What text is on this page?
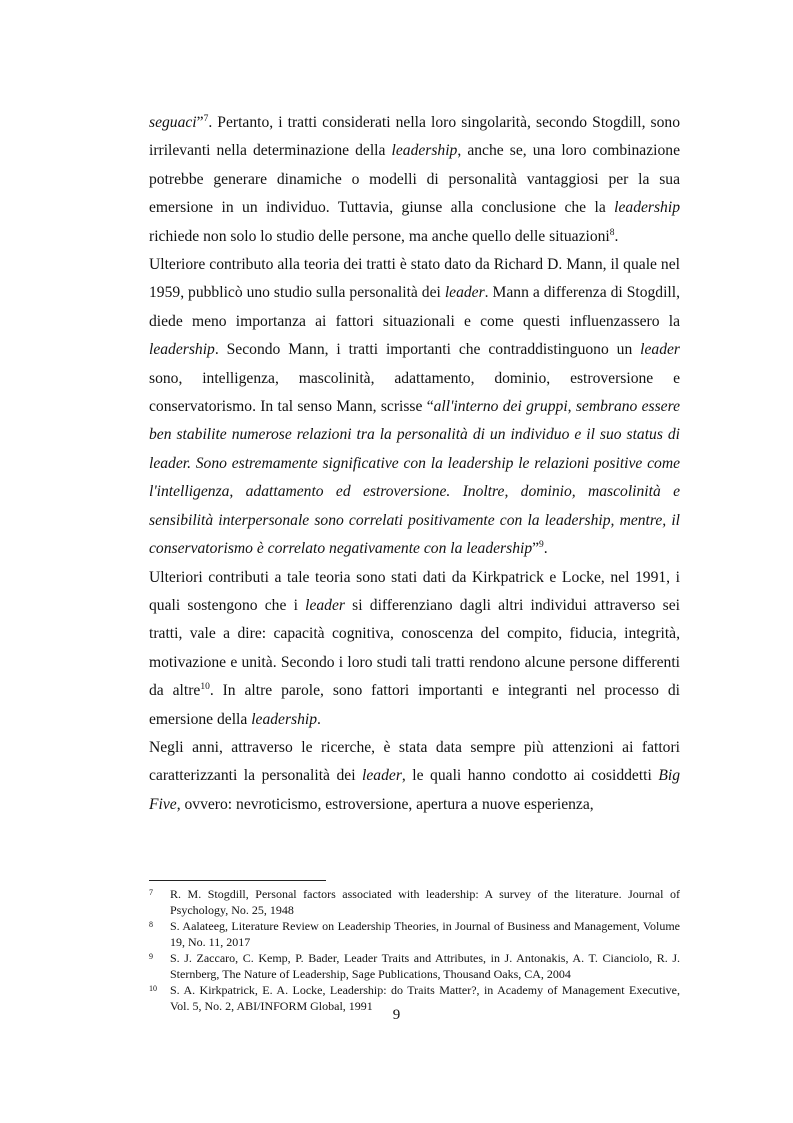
seguaci”$^7$. Pertanto, i tratti considerati nella loro singolarità, secondo Stogdill, sono irrilevanti nella determinazione della leadership, anche se, una loro combinazione potrebbe generare dinamiche o modelli di personalità vantaggiosi per la sua emersione in un individuo. Tuttavia, giunse alla conclusione che la leadership richiede non solo lo studio delle persone, ma anche quello delle situazioni$^8$.

Ulteriore contributo alla teoria dei tratti è stato dato da Richard D. Mann, il quale nel 1959, pubblicò uno studio sulla personalità dei leader. Mann a differenza di Stogdill, diede meno importanza ai fattori situazionali e come questi influenzassero la leadership. Secondo Mann, i tratti importanti che contraddistinguono un leader sono, intelligenza, mascolinità, adattamento, dominio, estroversione e conservatorismo. In tal senso Mann, scrisse “all'interno dei gruppi, sembrano essere ben stabilite numerose relazioni tra la personalità di un individuo e il suo status di leader. Sono estremamente significative con la leadership le relazioni positive come l'intelligenza, adattamento ed estroversione. Inoltre, dominio, mascolinità e sensibilità interpersonale sono correlati positivamente con la leadership, mentre, il conservatorismo è correlato negativamente con la leadership”$^9$.

Ulteriori contributi a tale teoria sono stati dati da Kirkpatrick e Locke, nel 1991, i quali sostengono che i leader si differenziano dagli altri individui attraverso sei tratti, vale a dire: capacità cognitiva, conoscenza del compito, fiducia, integrità, motivazione e unità. Secondo i loro studi tali tratti rendono alcune persone differenti da altre$^{10}$. In altre parole, sono fattori importanti e integranti nel processo di emersione della leadership.

Negli anni, attraverso le ricerche, è stata data sempre più attenzioni ai fattori caratterizzanti la personalità dei leader, le quali hanno condotto ai cosiddetti Big Five, ovvero: nevroticismo, estroversione, apertura a nuove esperienza,

7	R. M. Stogdill, Personal factors associated with leadership: A survey of the literature. Journal of Psychology, No. 25, 1948
8	S. Aalateeg, Literature Review on Leadership Theories, in Journal of Business and Management, Volume 19, No. 11, 2017
9	S. J. Zaccaro, C. Kemp, P. Bader, Leader Traits and Attributes, in J. Antonakis, A. T. Cianciolo, R. J. Sternberg, The Nature of Leadership, Sage Publications, Thousand Oaks, CA, 2004
10	S. A. Kirkpatrick, E. A. Locke, Leadership: do Traits Matter?, in Academy of Management Executive, Vol. 5, No. 2, ABI/INFORM Global, 1991
9
